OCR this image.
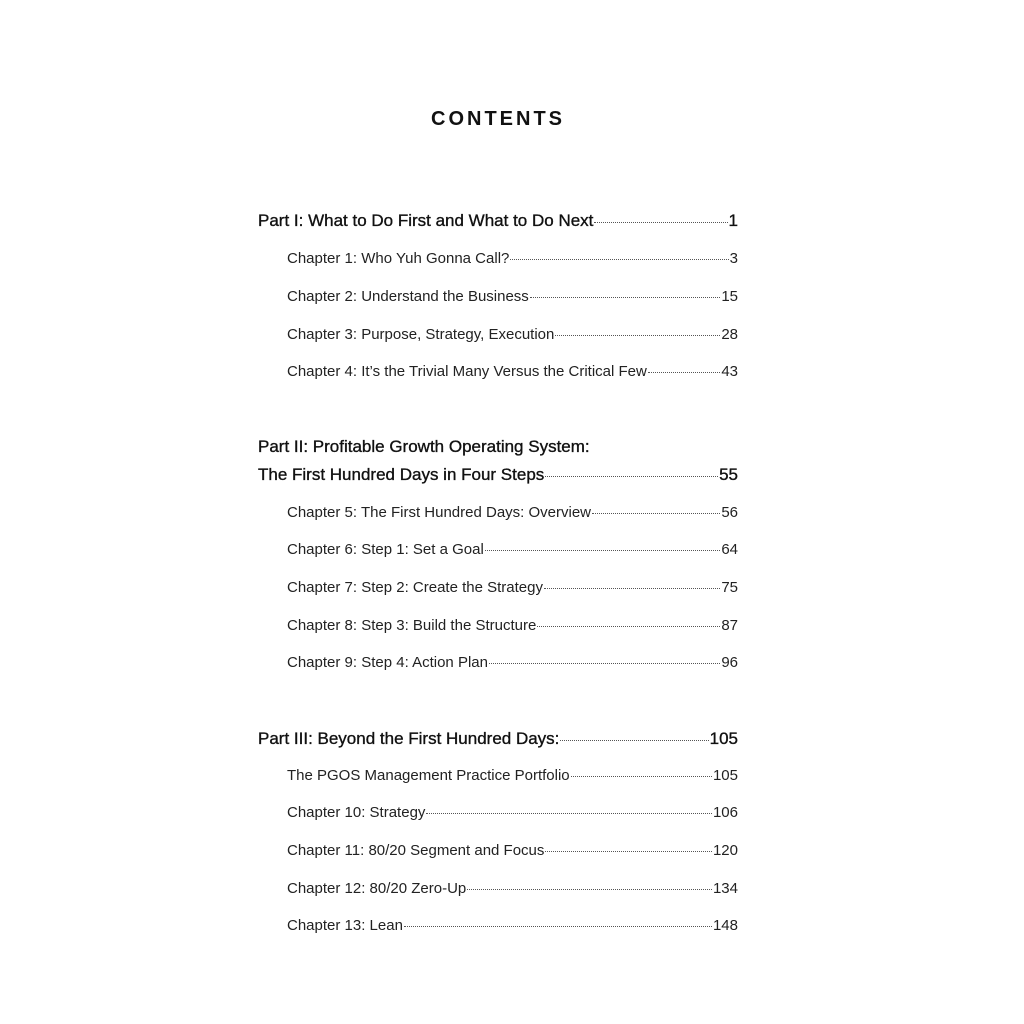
CONTENTS
Part I: What to Do First and What to Do Next	1
Chapter 1: Who Yuh Gonna Call?	3
Chapter 2: Understand the Business	15
Chapter 3: Purpose, Strategy, Execution	28
Chapter 4: It’s the Trivial Many Versus the Critical Few	43
Part II: Profitable Growth Operating System:
The First Hundred Days in Four Steps	55
Chapter 5: The First Hundred Days: Overview	56
Chapter 6: Step 1: Set a Goal	64
Chapter 7: Step 2: Create the Strategy	75
Chapter 8: Step 3: Build the Structure	87
Chapter 9: Step 4: Action Plan	96
Part III: Beyond the First Hundred Days:	105
The PGOS Management Practice Portfolio	105
Chapter 10: Strategy	106
Chapter 11: 80/20 Segment and Focus	120
Chapter 12: 80/20 Zero-Up	134
Chapter 13: Lean	148
